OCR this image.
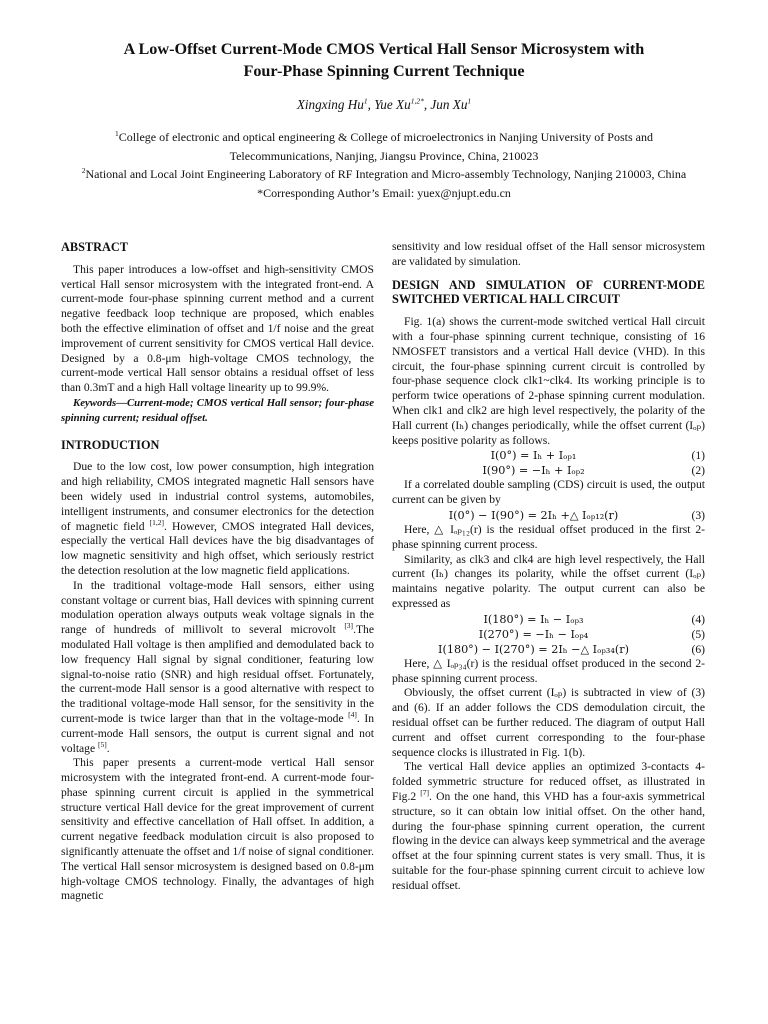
A Low-Offset Current-Mode CMOS Vertical Hall Sensor Microsystem with
Four-Phase Spinning Current Technique
Xingxing Hu$^1$, Yue $Xu^{1,2*}$, Jun Xu$^1$
$^1$College of electronic and optical engineering & College of microelectronics in Nanjing University of Posts and
Telecommunications, Nanjing, Jiangsu Province, China, 210023
$^2$National and Local Joint Engineering Laboratory of RF Integration and Micro-assembly Technology, Nanjing 210003, China
*Corresponding Author’s Email: yuex@njupt.edu.cn
ABSTRACT

This paper introduces a low-offset and high-sensitivity CMOS vertical Hall sensor microsystem with the integrated front-end. A current-mode four-phase spinning current method and a current negative feedback loop technique are proposed, which enables both the effective elimination of offset and 1/f noise and the great improvement of current sensitivity for CMOS vertical Hall device. Designed by a 0.8-μm high-voltage CMOS technology, the current-mode vertical Hall sensor obtains a residual offset of less than 0.3mT and a high Hall voltage linearity up to 99.9%.

Keywords—Current-mode; CMOS vertical Hall sensor; four-phase spinning current; residual offset.

INTRODUCTION

Due to the low cost, low power consumption, high integration and high reliability, CMOS integrated magnetic Hall sensors have been widely used in industrial control systems, automobiles, intelligent instruments, and consumer electronics for the detection of magnetic field [1,2]. However, CMOS integrated Hall devices, especially the vertical Hall devices have the big disadvantages of low magnetic sensitivity and high offset, which seriously restrict the detection resolution at the low magnetic field applications.

In the traditional voltage-mode Hall sensors, either using constant voltage or current bias, Hall devices with spinning current modulation operation always outputs weak voltage signals in the range of hundreds of millivolt to several microvolt [3].The modulated Hall voltage is then amplified and demodulated back to low frequency Hall signal by signal conditioner, featuring low signal-to-noise ratio (SNR) and high residual offset. Fortunately, the current-mode Hall sensor is a good alternative with respect to the traditional voltage-mode Hall sensor, for the sensitivity in the current-mode is twice larger than that in the voltage-mode [4]. In current-mode Hall sensors, the output is current signal and not voltage [5].

This paper presents a current-mode vertical Hall sensor microsystem with the integrated front-end. A current-mode four-phase spinning current circuit is applied in the symmetrical structure vertical Hall device for the great improvement of current sensitivity and effective cancellation of Hall offset. In addition, a current negative feedback modulation circuit is also proposed to significantly attenuate the offset and 1/f noise of signal conditioner. The vertical Hall sensor microsystem is designed based on 0.8-μm high-voltage CMOS technology. Finally, the advantages of high magnetic

sensitivity and low residual offset of the Hall sensor microsystem are validated by simulation.

DESIGN AND SIMULATION OF CURRENT-MODE SWITCHED VERTICAL HALL CIRCUIT

Fig. 1(a) shows the current-mode switched vertical Hall circuit with a four-phase spinning current technique, consisting of 16 NMOSFET transistors and a vertical Hall device (VHD). In this circuit, the four-phase spinning current circuit is controlled by four-phase sequence clock clk1~clk4. Its working principle is to perform twice operations of 2-phase spinning current modulation. When clk1 and clk2 are high level respectively, the polarity of the Hall current (Iₕ) changes periodically, while the offset current (Iₒₚ) keeps positive polarity as follows.

I(0°) = Iₕ + Iₒₚ₁	(1)
I(90°) = −Iₕ + Iₒₚ₂	(2)

If a correlated double sampling (CDS) circuit is used, the output current can be given by

I(0°) − I(90°) = 2Iₕ +△ Iₒₚ₁₂(r)	(3)

Here, △ Iₒₚ₁₂(r) is the residual offset produced in the first 2-phase spinning current process.

Similarity, as clk3 and clk4 are high level respectively, the Hall current (Iₕ) changes its polarity, while the offset current (Iₒₚ) maintains negative polarity. The output current can also be expressed as

I(180°) = Iₕ − Iₒₚ₃	(4)
I(270°) = −Iₕ − Iₒₚ₄	(5)
I(180°) − I(270°) = 2Iₕ −△ Iₒₚ₃₄(r)	(6)

Here, △ Iₒₚ₃₄(r) is the residual offset produced in the second 2-phase spinning current process.

Obviously, the offset current (Iₒₚ) is subtracted in view of (3) and (6). If an adder follows the CDS demodulation circuit, the residual offset can be further reduced. The diagram of output Hall current and offset current corresponding to the four-phase sequence clocks is illustrated in Fig. 1(b).

The vertical Hall device applies an optimized 3-contacts 4-folded symmetric structure for reduced offset, as illustrated in Fig.2 [7]. On the one hand, this VHD has a four-axis symmetrical structure, so it can obtain low initial offset. On the other hand, during the four-phase spinning current operation, the current flowing in the device can always keep symmetrical and the average offset at the four spinning current states is very small. Thus, it is suitable for the four-phase spinning current circuit to achieve low residual offset.
